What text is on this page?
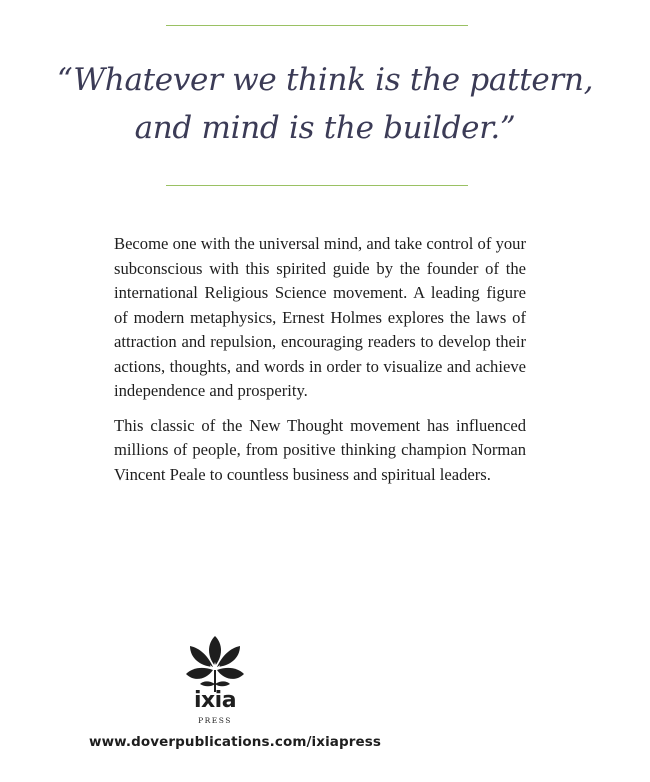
“Whatever we think is the pattern,
and mind is the builder.”

Become one with the universal mind, and take control of your subconscious with this spirited guide by the founder of the international Religious Science movement. A leading figure of modern metaphysics, Ernest Holmes explores the laws of attraction and repulsion, encouraging readers to develop their actions, thoughts, and words in order to visualize and achieve independence and prosperity.

This classic of the New Thought movement has influenced millions of people, from positive thinking champion Norman Vincent Peale to countless business and spiritual leaders.

ixia
PRESS
www.doverpublications.com/ixiapress
